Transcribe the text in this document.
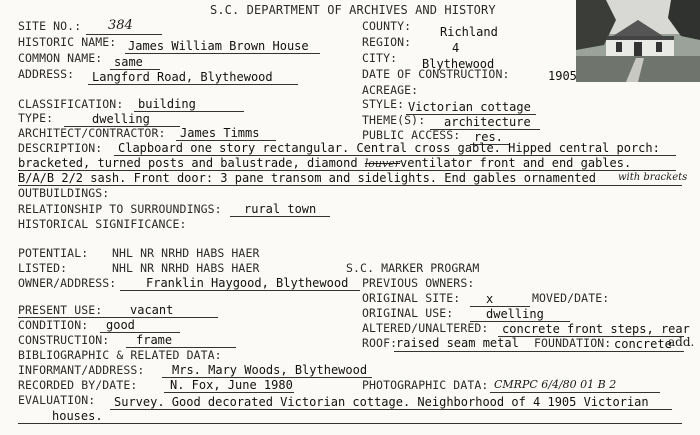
S.C. DEPARTMENT OF ARCHIVES AND HISTORY
SITE NO.: 384	COUNTY: Richland
HISTORIC NAME: James William Brown House	REGION:	4
COMMON NAME: same	CITY: Blythewood
ADDRESS: Langford Road, Blythewood	DATE OF CONSTRUCTION:	1905
ACREAGE:
CLASSIFICATION: building	STYLE: Victorian cottage
TYPE:	dwelling	THEME(S): architecture
ARCHITECT/CONTRACTOR: James Timms	PUBLIC ACCESS: res.
DESCRIPTION: Clapboard one story rectangular. Central cross gable. Hipped central porch:
bracketed, turned posts and balustrade, diamond louverventilator front and end gables.
B/A/B 2/2 sash. Front door: 3 pane transom and sidelights. End gables ornamented with brackets
OUTBUILDINGS:
RELATIONSHIP TO SURROUNDINGS: rural town
HISTORICAL SIGNIFICANCE:
POTENTIAL: NHL NR NRHD HABS HAER
LISTED:	NHL NR NRHD HABS HAER	S.C. MARKER PROGRAM
OWNER/ADDRESS: Franklin Haygood, Blythewood PREVIOUS OWNERS:
ORIGINAL SITE: x	MOVED/DATE:
PRESENT USE: vacant	ORIGINAL USE:	dwelling
CONDITION: good	ALTERED/UNALTERED: concrete front steps, rear
CONSTRUCTION: frame	ROOF:
raised seam metal FOUNDATION: concrete
add.
BIBLIOGRAPHIC & RELATED DATA:
INFORMANT/ADDRESS: Mrs. Mary Woods, Blythewood
RECORDED BY/DATE:	N. Fox, June 1980	PHOTOGRAPHIC DATA: CMRPC 6/4/80 01 B 2
EVALUATION: Survey. Good decorated Victorian cottage. Neighborhood of 4 1905 Victorian
houses.
